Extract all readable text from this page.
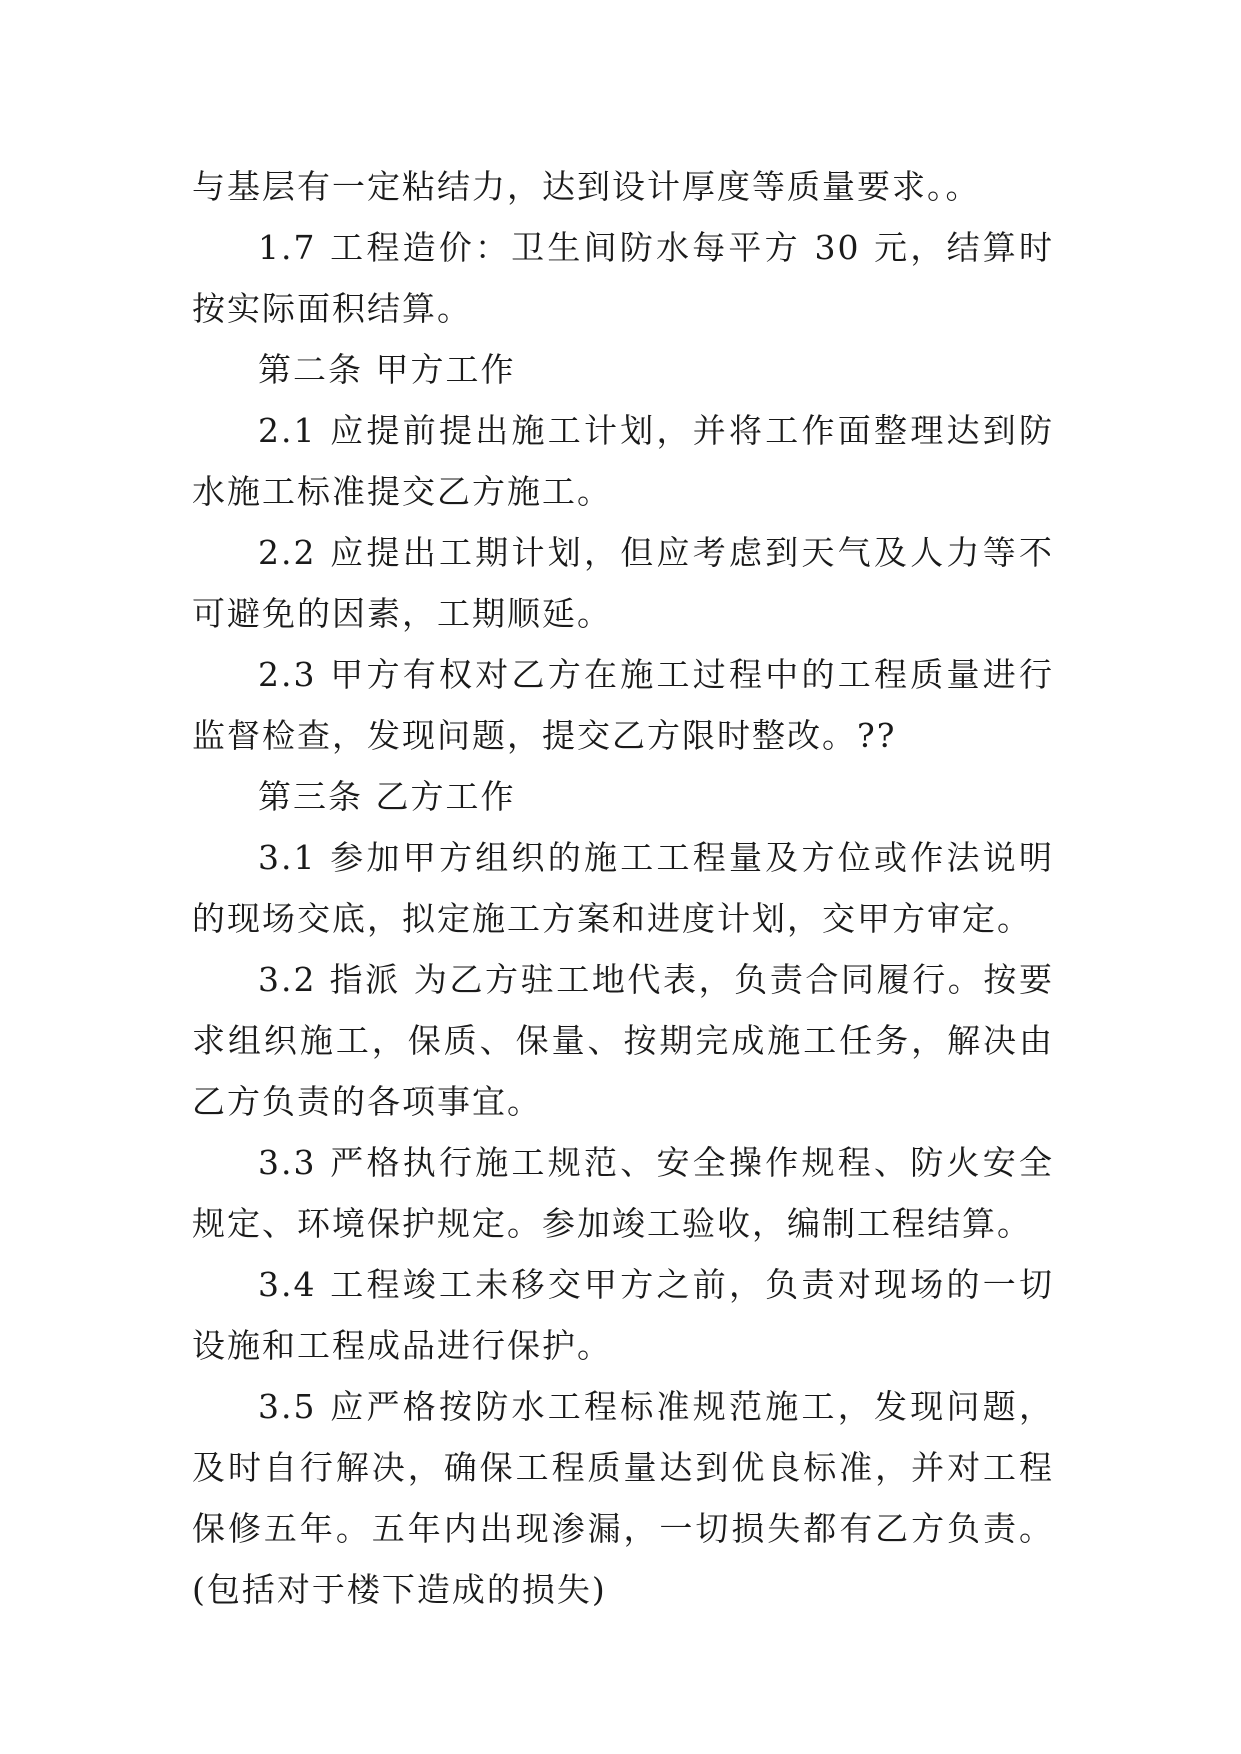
与基层有一定粘结力，达到设计厚度等质量要求。。

1.7 工程造价：卫生间防水每平方 30 元，结算时按实际面积结算。

第二条 甲方工作

2.1 应提前提出施工计划，并将工作面整理达到防水施工标准提交乙方施工。

2.2 应提出工期计划，但应考虑到天气及人力等不可避免的因素，工期顺延。

2.3 甲方有权对乙方在施工过程中的工程质量进行监督检查，发现问题，提交乙方限时整改。??

第三条 乙方工作

3.1 参加甲方组织的施工工程量及方位或作法说明的现场交底，拟定施工方案和进度计划，交甲方审定。

3.2 指派 为乙方驻工地代表，负责合同履行。按要求组织施工，保质、保量、按期完成施工任务，解决由乙方负责的各项事宜。

3.3 严格执行施工规范、安全操作规程、防火安全规定、环境保护规定。参加竣工验收，编制工程结算。

3.4 工程竣工未移交甲方之前，负责对现场的一切设施和工程成品进行保护。

3.5 应严格按防水工程标准规范施工，发现问题，及时自行解决，确保工程质量达到优良标准，并对工程保修五年。五年内出现渗漏，一切损失都有乙方负责。(包括对于楼下造成的损失)
